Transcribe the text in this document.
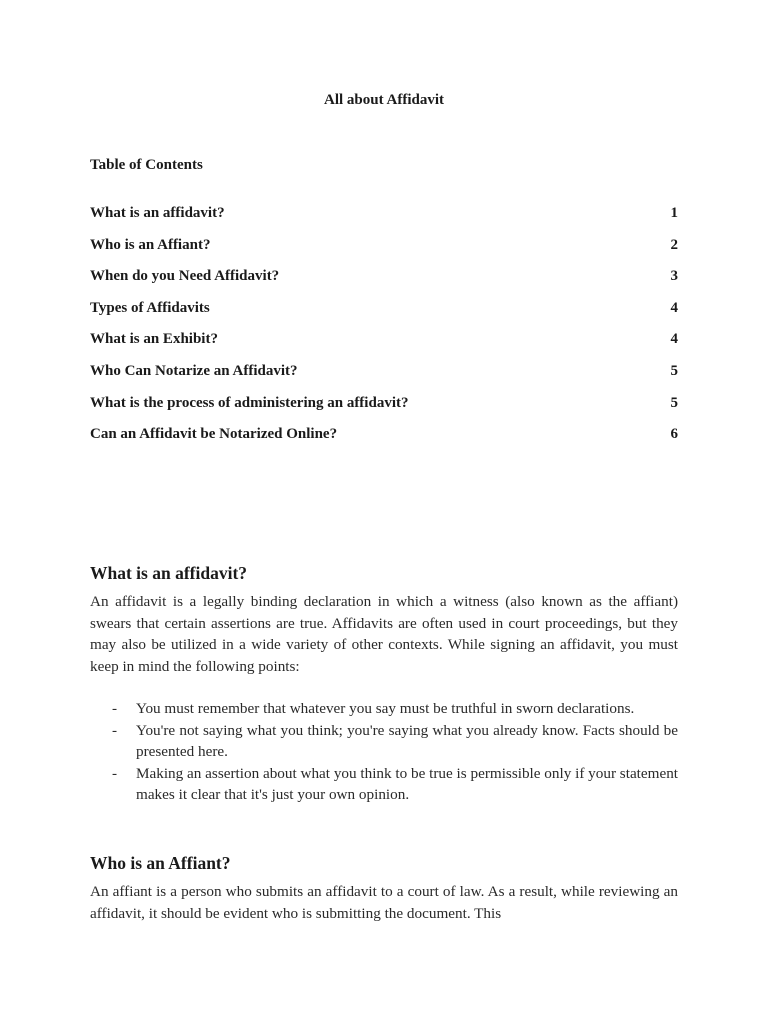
All about Affidavit
Table of Contents
What is an affidavit?	1
Who is an Affiant?	2
When do you Need Affidavit?	3
Types of Affidavits	4
What is an Exhibit?	4
Who Can Notarize an Affidavit?	5
What is the process of administering an affidavit?	5
Can an Affidavit be Notarized Online?	6
What is an affidavit?

An affidavit is a legally binding declaration in which a witness (also known as the affiant) swears that certain assertions are true. Affidavits are often used in court proceedings, but they may also be utilized in a wide variety of other contexts. While signing an affidavit, you must keep in mind the following points:

- You must remember that whatever you say must be truthful in sworn declarations.
- You're not saying what you think; you're saying what you already know. Facts should be presented here.
- Making an assertion about what you think to be true is permissible only if your statement makes it clear that it's just your own opinion.
Who is an Affiant?

An affiant is a person who submits an affidavit to a court of law. As a result, while reviewing an affidavit, it should be evident who is submitting the document. This
